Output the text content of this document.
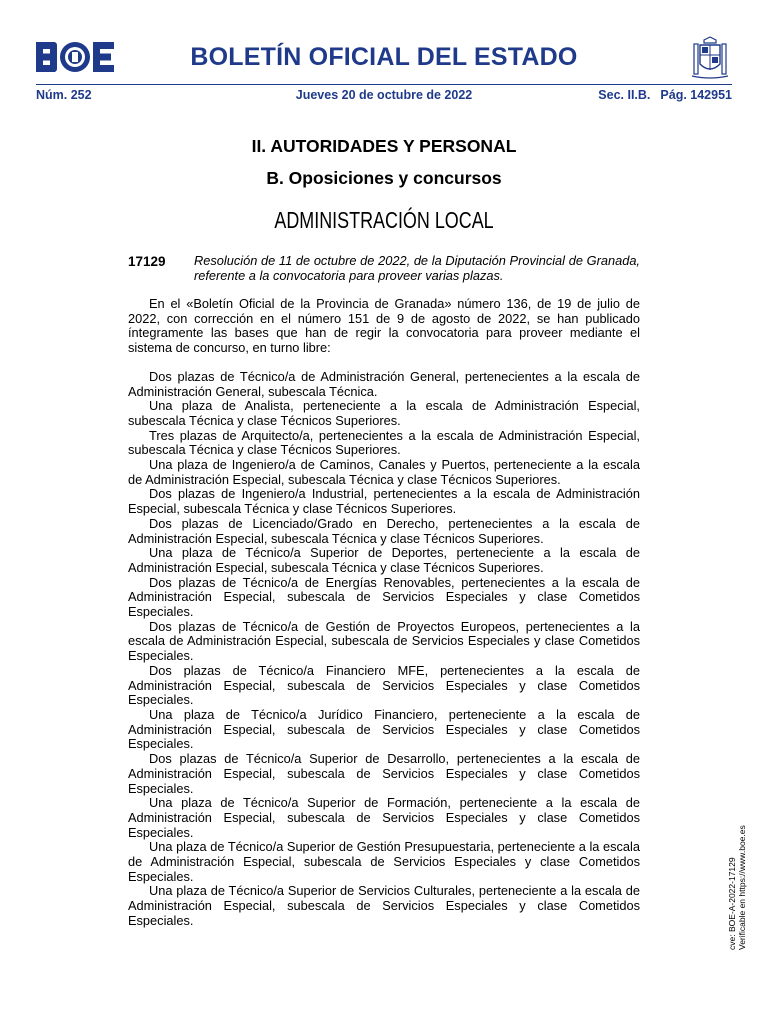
BOLETÍN OFICIAL DEL ESTADO
Núm. 252	Jueves 20 de octubre de 2022	Sec. II.B. Pág. 142951
II. AUTORIDADES Y PERSONAL
B. Oposiciones y concursos
ADMINISTRACIÓN LOCAL
17129 Resolución de 11 de octubre de 2022, de la Diputación Provincial de Granada, referente a la convocatoria para proveer varias plazas.

En el «Boletín Oficial de la Provincia de Granada» número 136, de 19 de julio de 2022, con corrección en el número 151 de 9 de agosto de 2022, se han publicado íntegramente las bases que han de regir la convocatoria para proveer mediante el sistema de concurso, en turno libre:

Dos plazas de Técnico/a de Administración General, pertenecientes a la escala de Administración General, subescala Técnica.

Una plaza de Analista, perteneciente a la escala de Administración Especial, subescala Técnica y clase Técnicos Superiores.

Tres plazas de Arquitecto/a, pertenecientes a la escala de Administración Especial, subescala Técnica y clase Técnicos Superiores.

Una plaza de Ingeniero/a de Caminos, Canales y Puertos, perteneciente a la escala de Administración Especial, subescala Técnica y clase Técnicos Superiores.

Dos plazas de Ingeniero/a Industrial, pertenecientes a la escala de Administración Especial, subescala Técnica y clase Técnicos Superiores.

Dos plazas de Licenciado/Grado en Derecho, pertenecientes a la escala de Administración Especial, subescala Técnica y clase Técnicos Superiores.

Una plaza de Técnico/a Superior de Deportes, perteneciente a la escala de Administración Especial, subescala Técnica y clase Técnicos Superiores.

Dos plazas de Técnico/a de Energías Renovables, pertenecientes a la escala de Administración Especial, subescala de Servicios Especiales y clase Cometidos Especiales.

Dos plazas de Técnico/a de Gestión de Proyectos Europeos, pertenecientes a la escala de Administración Especial, subescala de Servicios Especiales y clase Cometidos Especiales.

Dos plazas de Técnico/a Financiero MFE, pertenecientes a la escala de Administración Especial, subescala de Servicios Especiales y clase Cometidos Especiales.

Una plaza de Técnico/a Jurídico Financiero, perteneciente a la escala de Administración Especial, subescala de Servicios Especiales y clase Cometidos Especiales.

Dos plazas de Técnico/a Superior de Desarrollo, pertenecientes a la escala de Administración Especial, subescala de Servicios Especiales y clase Cometidos Especiales.

Una plaza de Técnico/a Superior de Formación, perteneciente a la escala de Administración Especial, subescala de Servicios Especiales y clase Cometidos Especiales.

Una plaza de Técnico/a Superior de Gestión Presupuestaria, perteneciente a la escala de Administración Especial, subescala de Servicios Especiales y clase Cometidos Especiales.

Una plaza de Técnico/a Superior de Servicios Culturales, perteneciente a la escala de Administración Especial, subescala de Servicios Especiales y clase Cometidos Especiales.	cve: BOE-A-2022-17129 Verificable en https://www.boe.es
